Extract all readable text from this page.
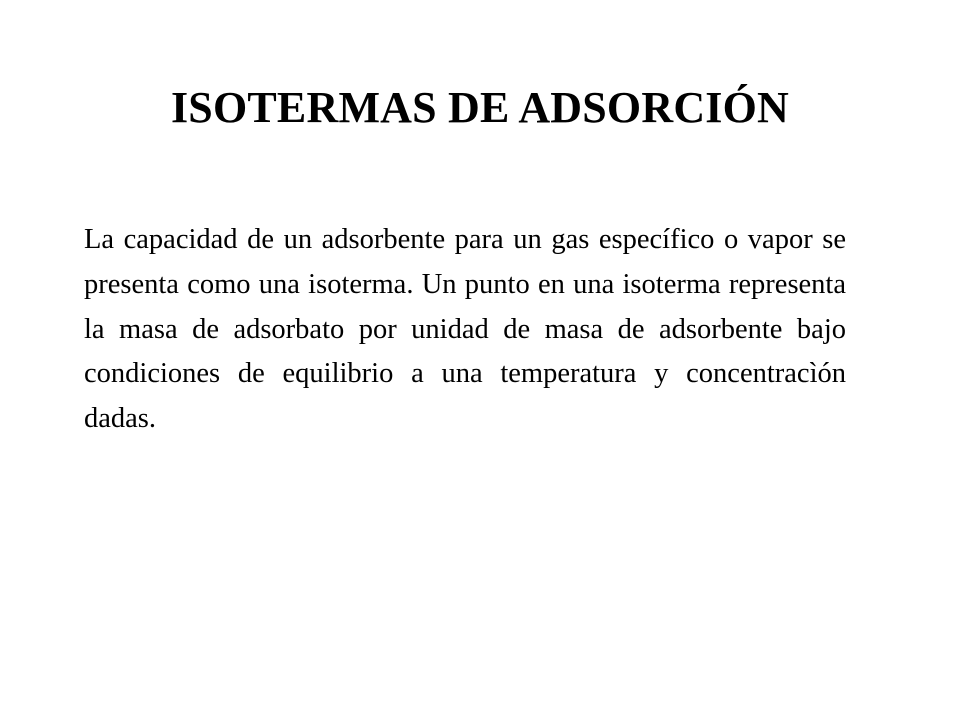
ISOTERMAS DE ADSORCIÓN

La capacidad de un adsorbente para un gas específico o vapor se presenta como una isoterma. Un punto en una isoterma representa la masa de adsorbato por unidad de masa de adsorbente bajo condiciones de equilibrio a una temperatura y concentracìón dadas.
